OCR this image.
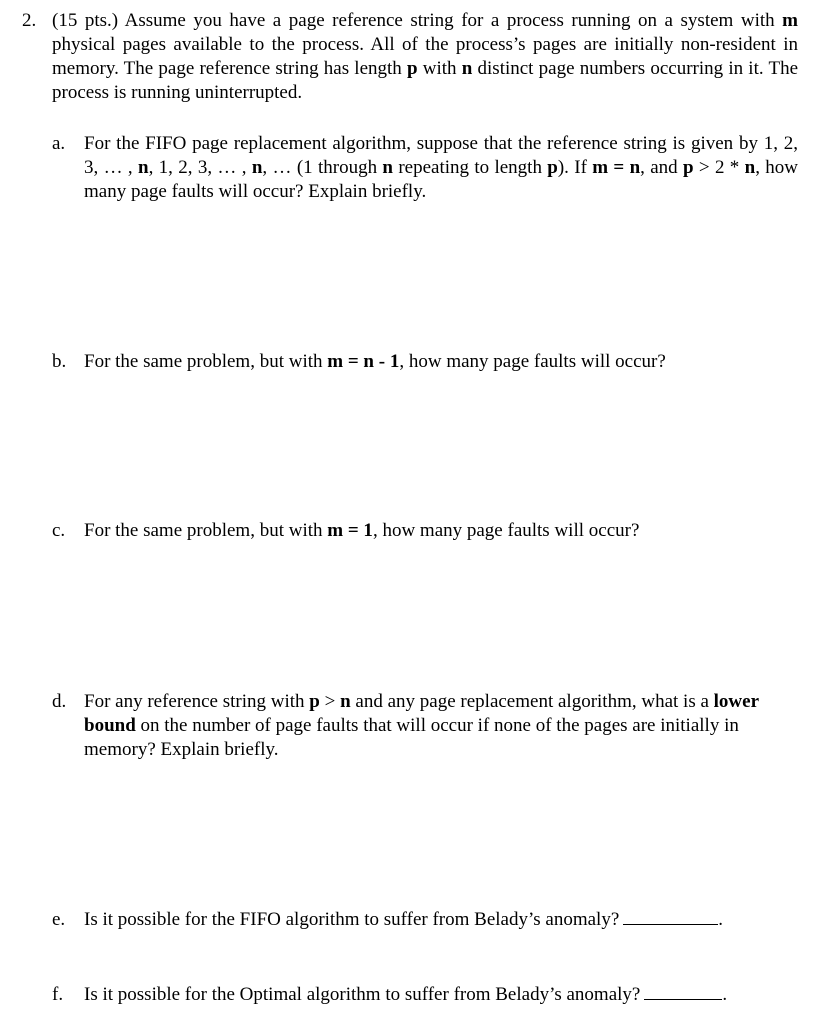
2. (15 pts.) Assume you have a page reference string for a process running on a system with m physical pages available to the process. All of the process’s pages are initially non-resident in memory. The page reference string has length p with n distinct page numbers occurring in it. The process is running uninterrupted.
a. For the FIFO page replacement algorithm, suppose that the reference string is given by 1, 2, 3, … , n, 1, 2, 3, … , n, … (1 through n repeating to length p). If m = n, and p > 2 * n, how many page faults will occur? Explain briefly.
b. For the same problem, but with m = n - 1, how many page faults will occur?
c. For the same problem, but with m = 1, how many page faults will occur?
d. For any reference string with p > n and any page replacement algorithm, what is a lower bound on the number of page faults that will occur if none of the pages are initially in memory? Explain briefly.
e. Is it possible for the FIFO algorithm to suffer from Belady’s anomaly?	.
f. Is it possible for the Optimal algorithm to suffer from Belady’s anomaly?	.
